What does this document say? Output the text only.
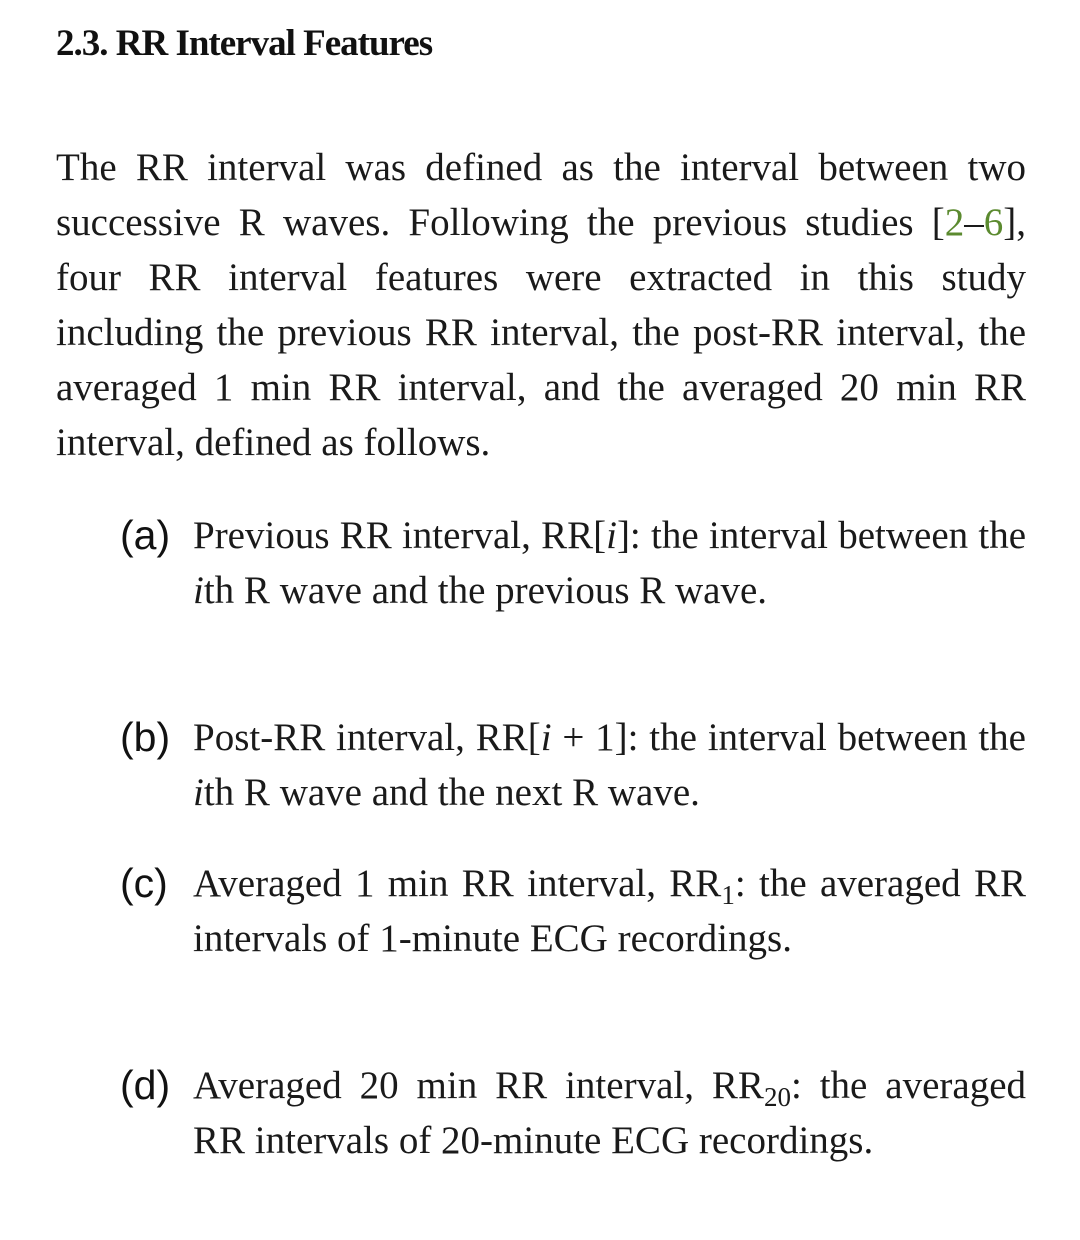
2.3. RR Interval Features

The RR interval was defined as the interval between two successive R waves. Following the previous studies [2–6], four RR interval features were extracted in this study including the previous RR interval, the post-RR interval, the averaged 1 min RR interval, and the averaged 20 min RR interval, defined as follows.

(a) Previous RR interval, RR[i]: the interval between the ith R wave and the previous R wave.

(b) Post-RR interval, RR[i + 1]: the interval between the ith R wave and the next R wave.

(c) Averaged 1 min RR interval, $RR_1$: the averaged RR intervals of 1-minute ECG recordings.

(d) Averaged 20 min RR interval, $RR_{20}$: the averaged RR intervals of 20-minute ECG recordings.
